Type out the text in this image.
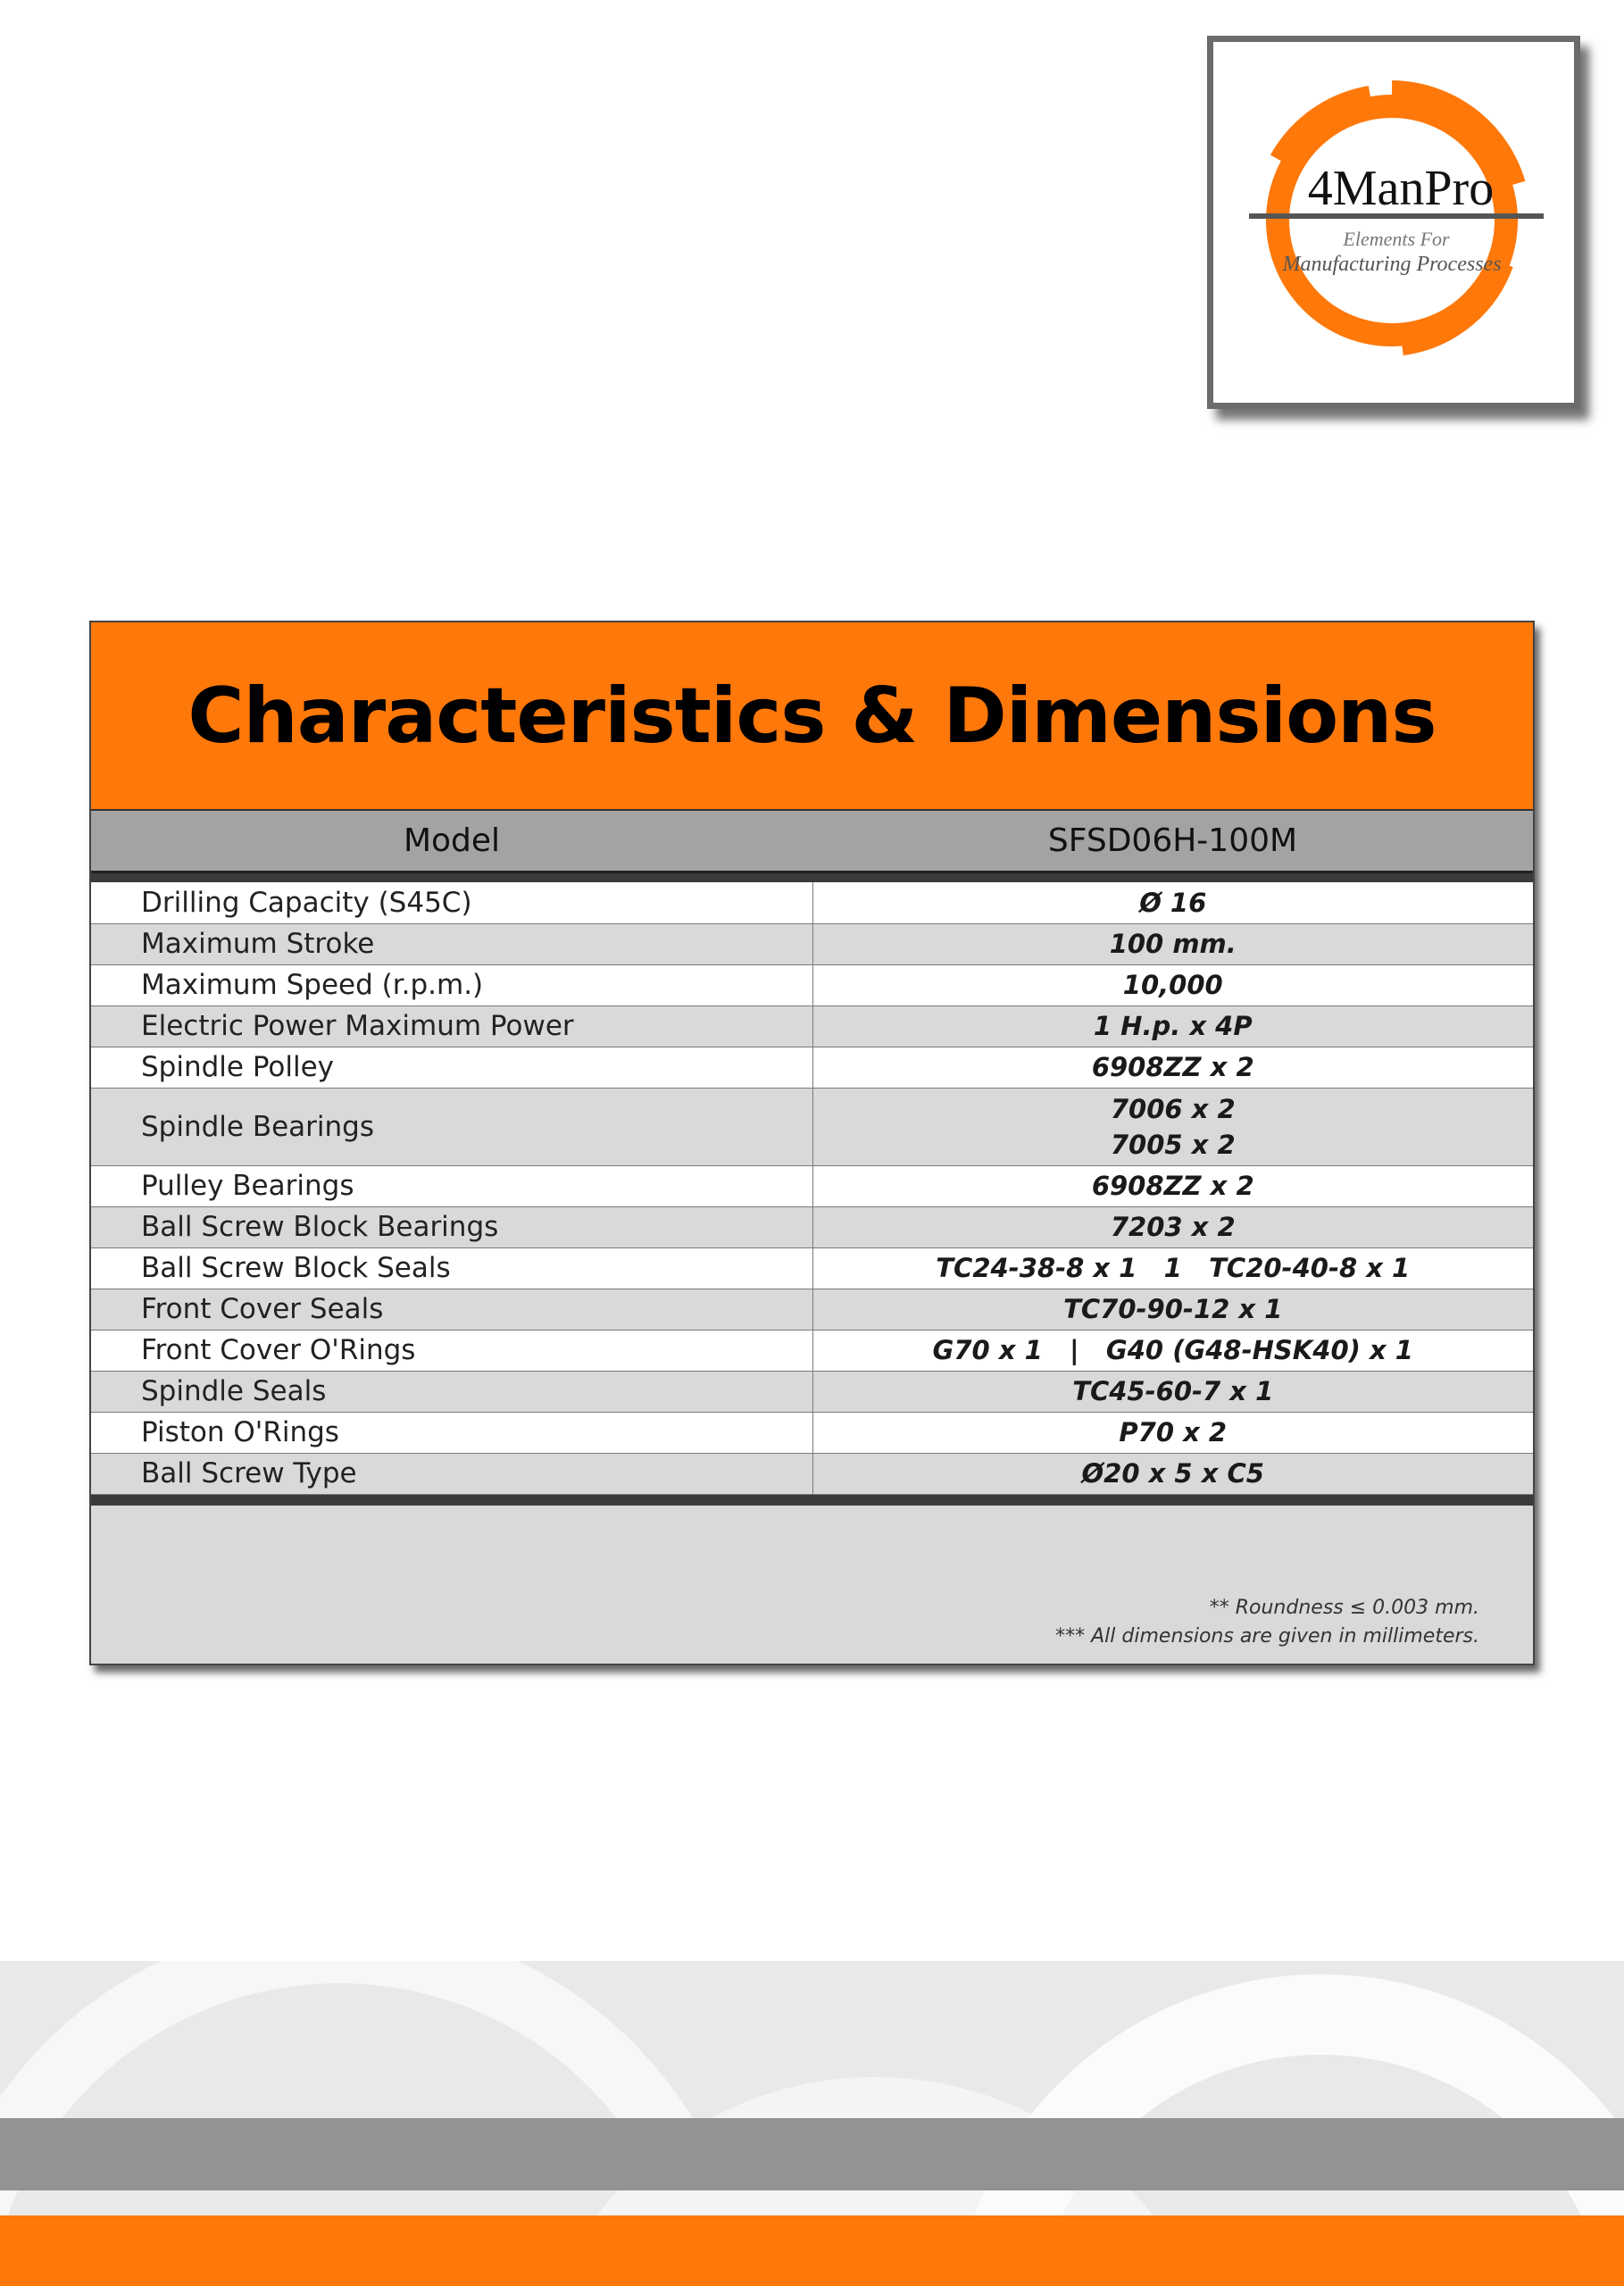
4ManPro
Elements For
Manufacturing Processes
Characteristics & Dimensions
Model	SFSD06H-100M
Drilling Capacity (S45C)	Ø 16
Maximum Stroke	100 mm.
Maximum Speed (r.p.m.)	10,000
Electric Power Maximum Power	1 H.p. x 4P
Spindle Polley	6908ZZ x 2
Spindle Bearings	7006 x 2
7005 x 2

Pulley Bearings	6908ZZ x 2
Ball Screw Block Bearings	7203 x 2
Ball Screw Block Seals	TC24-38-8 x 1   1   TC20-40-8 x 1
Front Cover Seals	TC70-90-12 x 1
Front Cover O'Rings	G70 x 1   |   G40 (G48-HSK40) x 1
Spindle Seals	TC45-60-7 x 1
Piston O'Rings	P70 x 2
Ball Screw Type	Ø20 x 5 x C5
** Roundness ≤ 0.003 mm.
*** All dimensions are given in millimeters.
